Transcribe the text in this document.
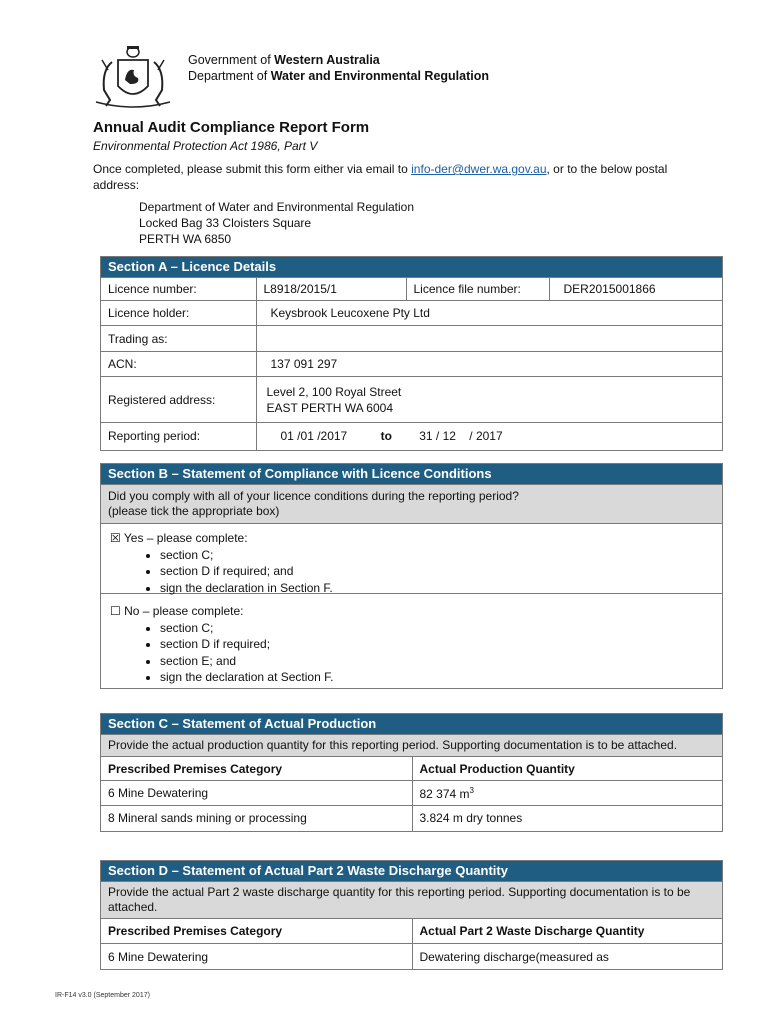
Government of Western Australia
Department of Water and Environmental Regulation
Annual Audit Compliance Report Form
Environmental Protection Act 1986, Part V
Once completed, please submit this form either via email to info-der@dwer.wa.gov.au, or to the below postal address:
Department of Water and Environmental Regulation
Locked Bag 33 Cloisters Square
PERTH WA 6850
Section A – Licence Details
Licence number:	L8918/2015/1	Licence file number:	DER2015001866
Licence holder:	Keysbrook Leucoxene Pty Ltd		
Trading as:			
ACN:	137 091 297		
Registered address:	Level 2, 100 Royal Street
EAST PERTH WA 6004		

Reporting period:	01 /01 /2017 to 31 / 12    / 2017		
Section B – Statement of Compliance with Licence Conditions
Did you comply with all of your licence conditions during the reporting period?
(please tick the appropriate box)
☒ Yes – please complete:
• section C;
• section D if required; and
• sign the declaration in Section F.
☐ No – please complete:
• section C;
• section D if required;
• section E; and
• sign the declaration at Section F.
Section C – Statement of Actual Production
Provide the actual production quantity for this reporting period. Supporting documentation is to be attached.
Prescribed Premises Category	Actual Production Quantity
6 Mine Dewatering	82 374 $m^3$
8 Mineral sands mining or processing	3.824 m dry tonnes
Section D – Statement of Actual Part 2 Waste Discharge Quantity
Provide the actual Part 2 waste discharge quantity for this reporting period. Supporting documentation is to be attached.
Prescribed Premises Category	Actual Part 2 Waste Discharge Quantity
6 Mine Dewatering	Dewatering discharge(measured as
IR-F14 v3.0 (September 2017)
